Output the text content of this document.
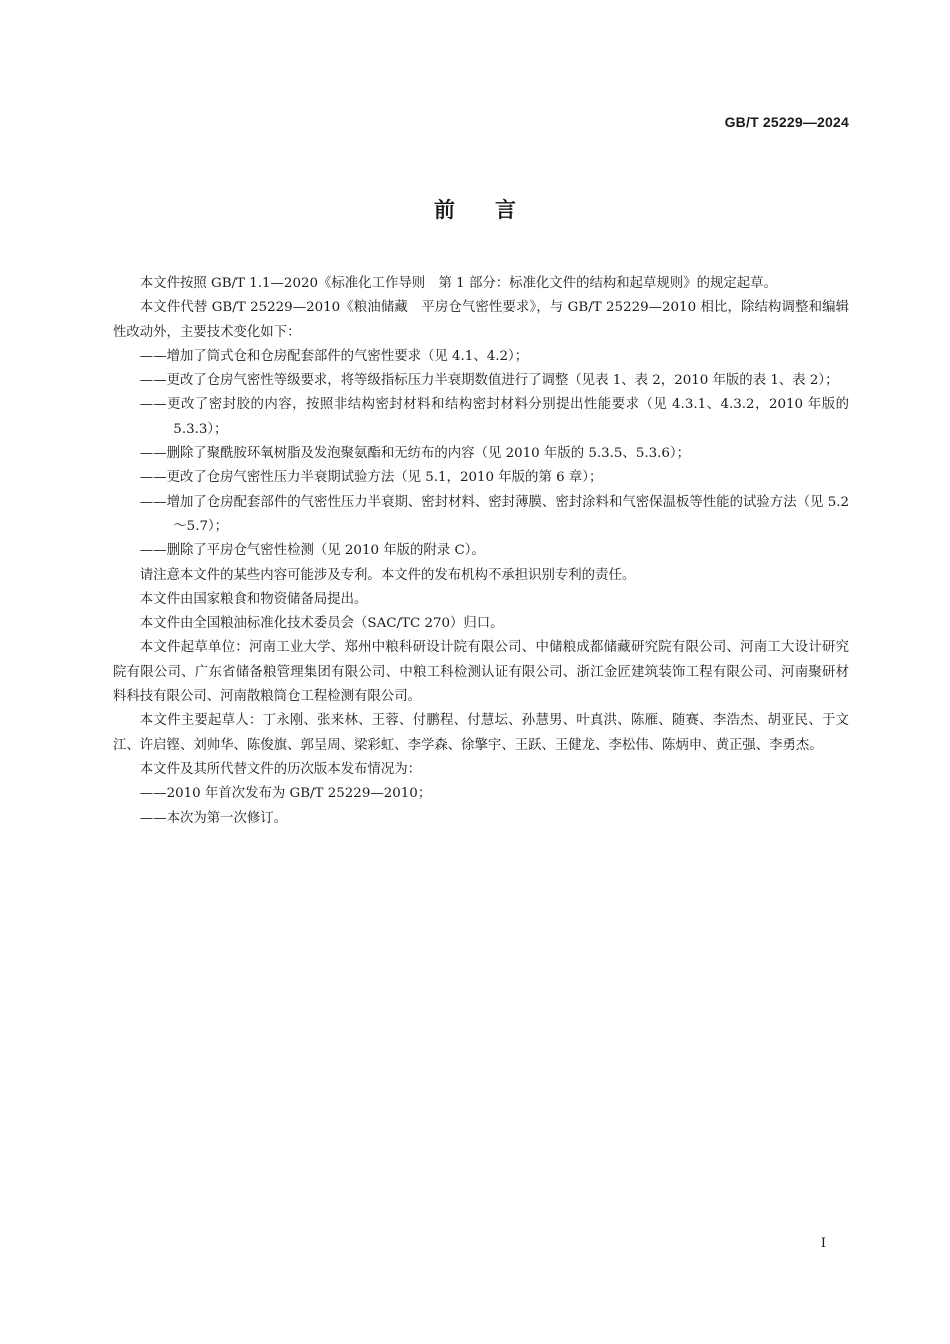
GB/T 25229—2024
前言

本文件按照 GB/T 1.1—2020《标准化工作导则　第 1 部分：标准化文件的结构和起草规则》的规定起草。

本文件代替 GB/T 25229—2010《粮油储藏　平房仓气密性要求》，与 GB/T 25229—2010 相比，除结构调整和编辑性改动外，主要技术变化如下：

——增加了筒式仓和仓房配套部件的气密性要求（见 4.1、4.2）；

——更改了仓房气密性等级要求，将等级指标压力半衰期数值进行了调整（见表 1、表 2，2010 年版的表 1、表 2）；

——更改了密封胶的内容，按照非结构密封材料和结构密封材料分别提出性能要求（见 4.3.1、4.3.2，2010 年版的 5.3.3）；

——删除了聚酰胺环氧树脂及发泡聚氨酯和无纺布的内容（见 2010 年版的 5.3.5、5.3.6）；

——更改了仓房气密性压力半衰期试验方法（见 5.1，2010 年版的第 6 章）；

——增加了仓房配套部件的气密性压力半衰期、密封材料、密封薄膜、密封涂料和气密保温板等性能的试验方法（见 5.2～5.7）；

——删除了平房仓气密性检测（见 2010 年版的附录 C）。

请注意本文件的某些内容可能涉及专利。本文件的发布机构不承担识别专利的责任。

本文件由国家粮食和物资储备局提出。

本文件由全国粮油标准化技术委员会（SAC/TC 270）归口。

本文件起草单位：河南工业大学、郑州中粮科研设计院有限公司、中储粮成都储藏研究院有限公司、河南工大设计研究院有限公司、广东省储备粮管理集团有限公司、中粮工科检测认证有限公司、浙江金匠建筑装饰工程有限公司、河南聚研材料科技有限公司、河南散粮筒仓工程检测有限公司。

本文件主要起草人：丁永刚、张来林、王蓉、付鹏程、付慧坛、孙慧男、叶真洪、陈雁、随赛、李浩杰、胡亚民、于文江、许启铿、刘帅华、陈俊旗、郭呈周、梁彩虹、李学森、徐擎宇、王跃、王健龙、李松伟、陈炳申、黄正强、李勇杰。

本文件及其所代替文件的历次版本发布情况为：

——2010 年首次发布为 GB/T 25229—2010；

——本次为第一次修订。

I
